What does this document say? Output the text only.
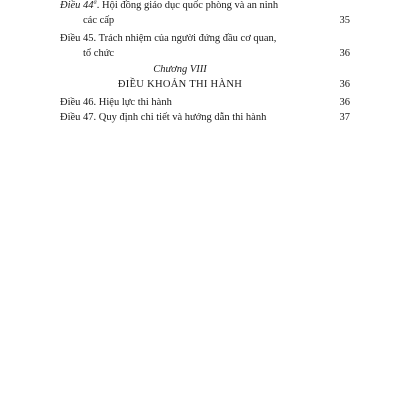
Điều 44$^a$. Hội đồng giáo dục quốc phòng và an ninh
các cấp	35
Điều 45. Trách nhiệm của người đứng đầu cơ quan,
tổ chức	36
Chương VIII
ĐIỀU KHOẢN THI HÀNH	36
Điều 46. Hiệu lực thi hành	36
Điều 47. Quy định chi tiết và hướng dẫn thi hành	37
